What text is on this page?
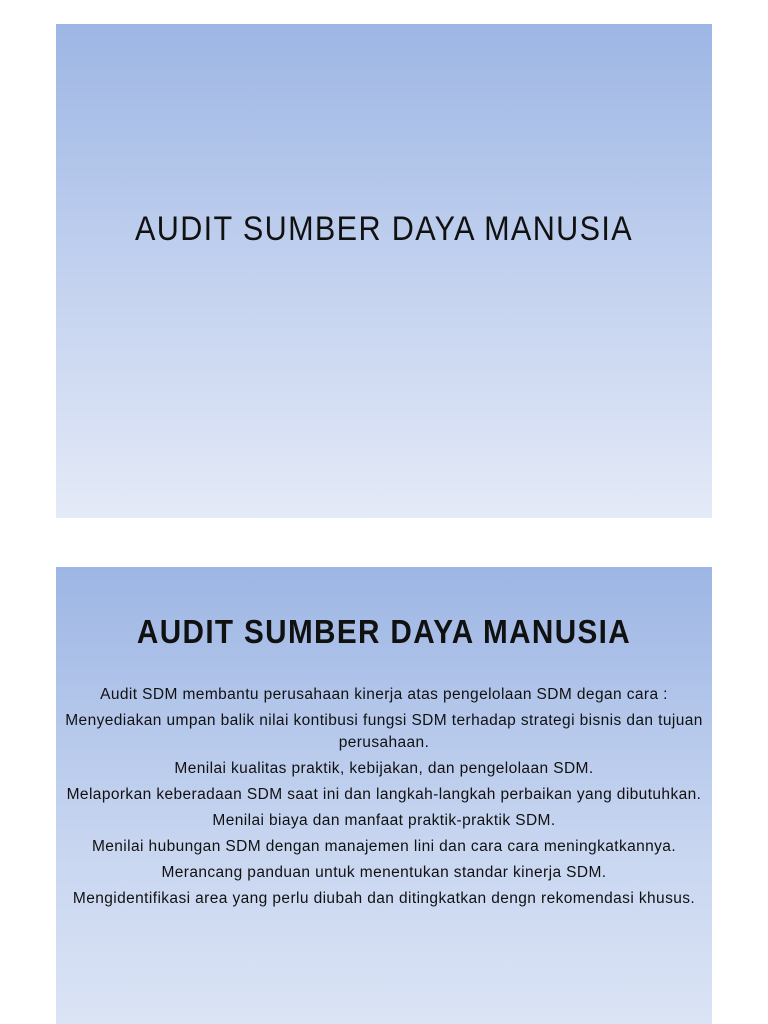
AUDIT SUMBER DAYA MANUSIA
AUDIT SUMBER DAYA MANUSIA
Audit SDM membantu perusahaan kinerja atas pengelolaan SDM degan cara :
Menyediakan umpan balik nilai kontibusi fungsi SDM terhadap strategi bisnis dan tujuan perusahaan.
Menilai kualitas praktik, kebijakan, dan pengelolaan SDM.
Melaporkan keberadaan SDM saat ini dan langkah-langkah perbaikan yang dibutuhkan.
Menilai biaya dan manfaat praktik-praktik SDM.
Menilai hubungan SDM dengan manajemen lini dan cara cara meningkatkannya.
Merancang panduan untuk menentukan standar kinerja SDM.
Mengidentifikasi area yang perlu diubah dan ditingkatkan dengn rekomendasi khusus.
